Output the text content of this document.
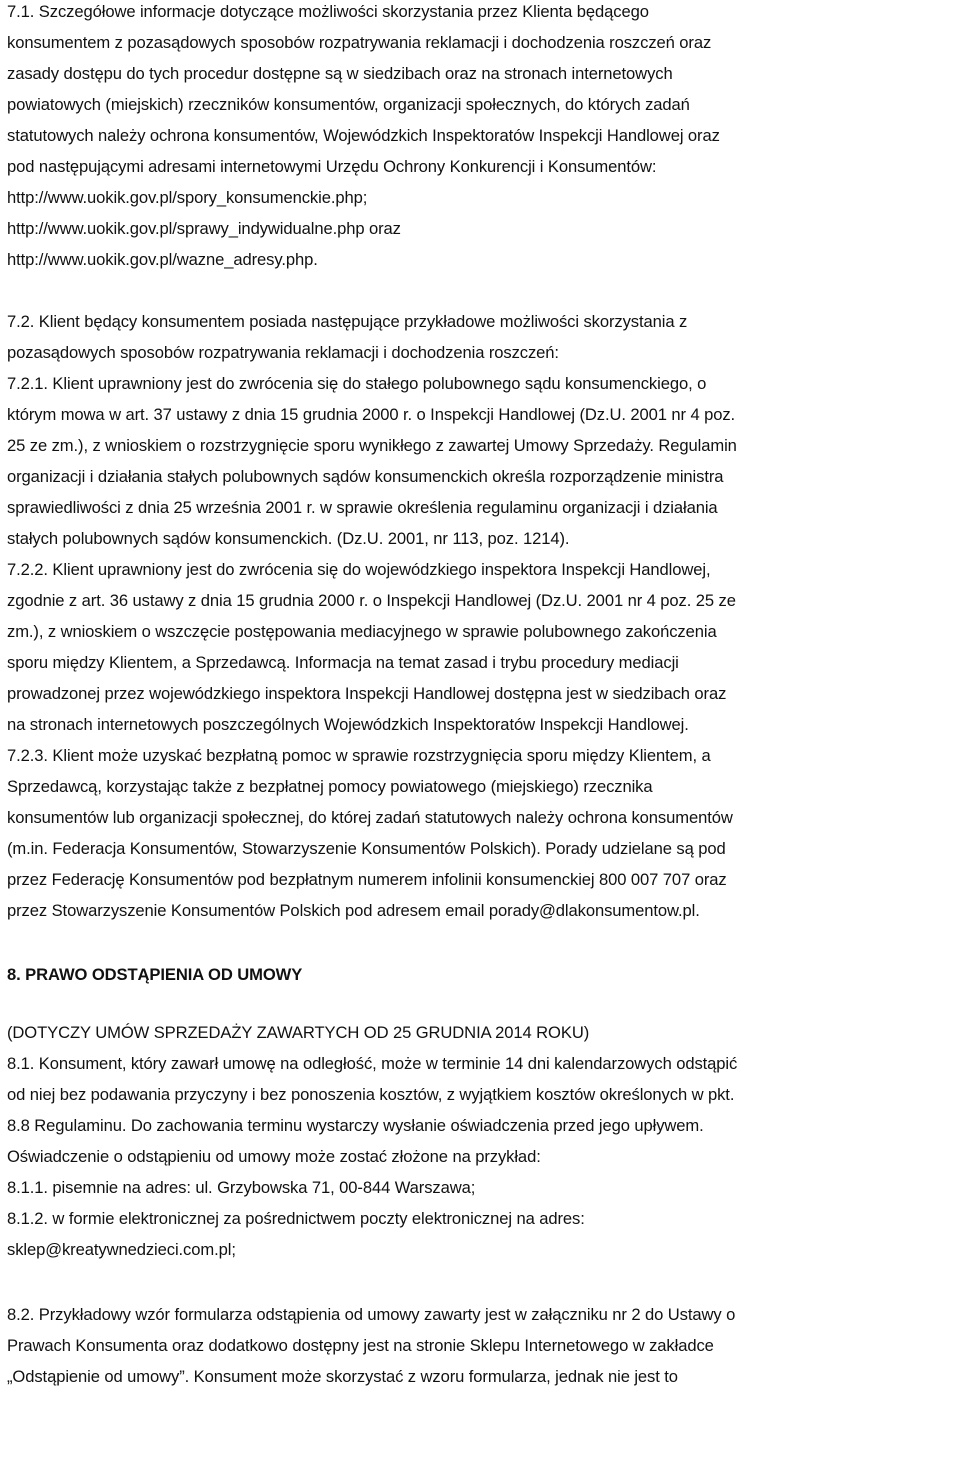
7.1. Szczegółowe informacje dotyczące możliwości skorzystania przez Klienta będącego
konsumentem z pozasądowych sposobów rozpatrywania reklamacji i dochodzenia roszczeń oraz
zasady dostępu do tych procedur dostępne są w siedzibach oraz na stronach internetowych
powiatowych (miejskich) rzeczników konsumentów, organizacji społecznych, do których zadań
statutowych należy ochrona konsumentów, Wojewódzkich Inspektoratów Inspekcji Handlowej oraz
pod następującymi adresami internetowymi Urzędu Ochrony Konkurencji i Konsumentów:
http://www.uokik.gov.pl/spory_konsumenckie.php;
http://www.uokik.gov.pl/sprawy_indywidualne.php oraz
http://www.uokik.gov.pl/wazne_adresy.php.
7.2. Klient będący konsumentem posiada następujące przykładowe możliwości skorzystania z
pozasądowych sposobów rozpatrywania reklamacji i dochodzenia roszczeń:
7.2.1. Klient uprawniony jest do zwrócenia się do stałego polubownego sądu konsumenckiego, o
którym mowa w art. 37 ustawy z dnia 15 grudnia 2000 r. o Inspekcji Handlowej (Dz.U. 2001 nr 4 poz.
25 ze zm.), z wnioskiem o rozstrzygnięcie sporu wynikłego z zawartej Umowy Sprzedaży. Regulamin
organizacji i działania stałych polubownych sądów konsumenckich określa rozporządzenie ministra
sprawiedliwości z dnia 25 września 2001 r. w sprawie określenia regulaminu organizacji i działania
stałych polubownych sądów konsumenckich. (Dz.U. 2001, nr 113, poz. 1214).
7.2.2. Klient uprawniony jest do zwrócenia się do wojewódzkiego inspektora Inspekcji Handlowej,
zgodnie z art. 36 ustawy z dnia 15 grudnia 2000 r. o Inspekcji Handlowej (Dz.U. 2001 nr 4 poz. 25 ze
zm.), z wnioskiem o wszczęcie postępowania mediacyjnego w sprawie polubownego zakończenia
sporu między Klientem, a Sprzedawcą. Informacja na temat zasad i trybu procedury mediacji
prowadzonej przez wojewódzkiego inspektora Inspekcji Handlowej dostępna jest w siedzibach oraz
na stronach internetowych poszczególnych Wojewódzkich Inspektoratów Inspekcji Handlowej.
7.2.3. Klient może uzyskać bezpłatną pomoc w sprawie rozstrzygnięcia sporu między Klientem, a
Sprzedawcą, korzystając także z bezpłatnej pomocy powiatowego (miejskiego) rzecznika
konsumentów lub organizacji społecznej, do której zadań statutowych należy ochrona konsumentów
(m.in. Federacja Konsumentów, Stowarzyszenie Konsumentów Polskich). Porady udzielane są pod
przez Federację Konsumentów pod bezpłatnym numerem infolinii konsumenckiej 800 007 707 oraz
przez Stowarzyszenie Konsumentów Polskich pod adresem email porady@dlakonsumentow.pl.
8. PRAWO ODSTĄPIENIA OD UMOWY
(DOTYCZY UMÓW SPRZEDAŻY ZAWARTYCH OD 25 GRUDNIA 2014 ROKU)
8.1. Konsument, który zawarł umowę na odległość, może w terminie 14 dni kalendarzowych odstąpić
od niej bez podawania przyczyny i bez ponoszenia kosztów, z wyjątkiem kosztów określonych w pkt.
8.8 Regulaminu. Do zachowania terminu wystarczy wysłanie oświadczenia przed jego upływem.
Oświadczenie o odstąpieniu od umowy może zostać złożone na przykład:
8.1.1. pisemnie na adres: ul. Grzybowska 71, 00-844 Warszawa;
8.1.2. w formie elektronicznej za pośrednictwem poczty elektronicznej na adres:
sklep@kreatywnedzieci.com.pl;
8.2. Przykładowy wzór formularza odstąpienia od umowy zawarty jest w załączniku nr 2 do Ustawy o
Prawach Konsumenta oraz dodatkowo dostępny jest na stronie Sklepu Internetowego w zakładce
„Odstąpienie od umowy”. Konsument może skorzystać z wzoru formularza, jednak nie jest to
